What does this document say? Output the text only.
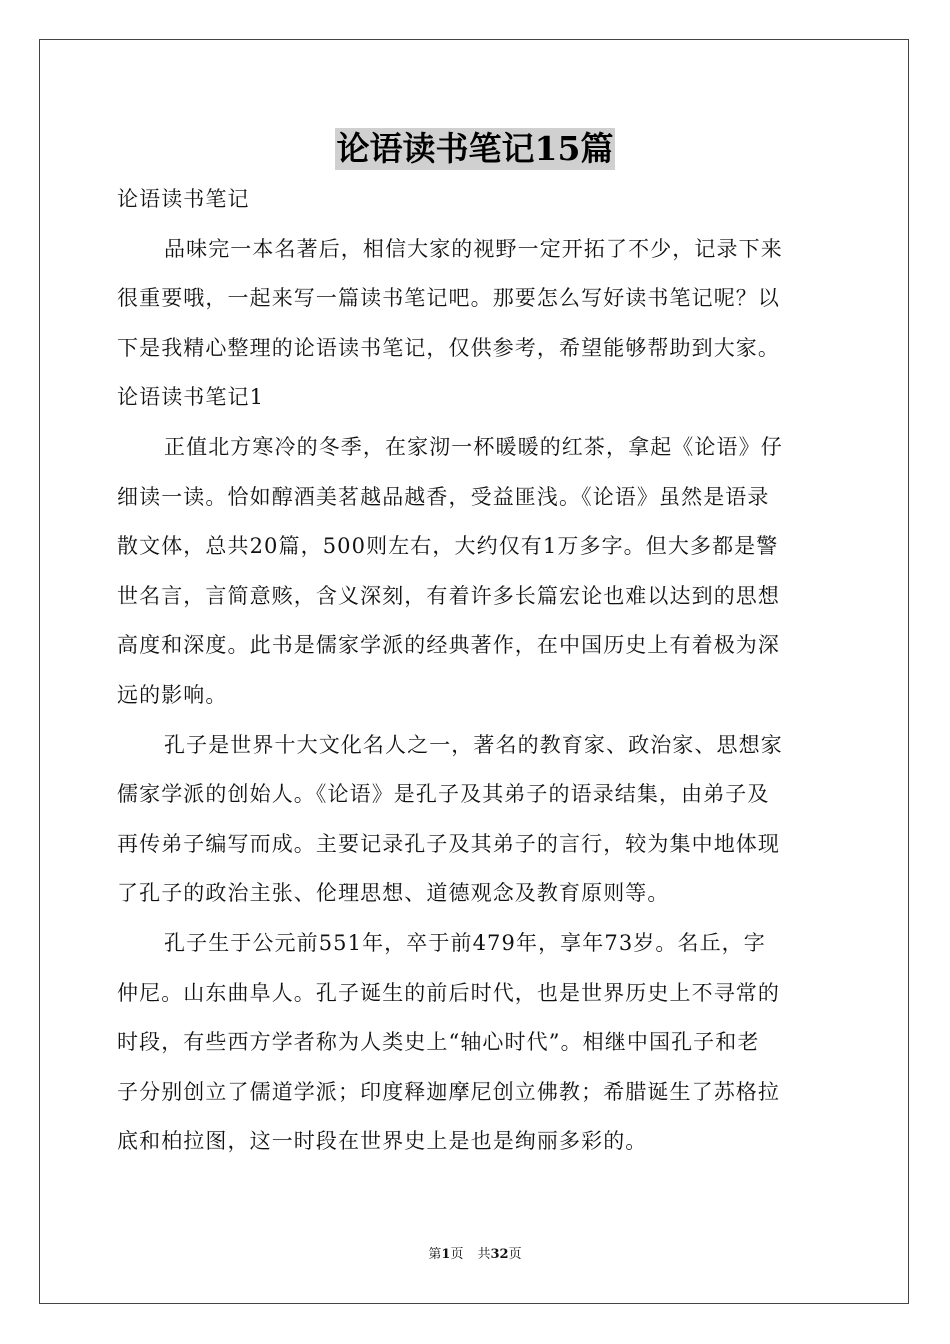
论语读书笔记15篇
论语读书笔记
品味完一本名著后，相信大家的视野一定开拓了不少，记录下来
很重要哦，一起来写一篇读书笔记吧。那要怎么写好读书笔记呢？以
下是我精心整理的论语读书笔记，仅供参考，希望能够帮助到大家。
论语读书笔记1
正值北方寒冷的冬季，在家沏一杯暖暖的红茶，拿起《论语》仔
细读一读。恰如醇酒美茗越品越香，受益匪浅。《论语》虽然是语录
散文体，总共20篇，500则左右，大约仅有1万多字。但大多都是警
世名言，言简意赅，含义深刻，有着许多长篇宏论也难以达到的思想
高度和深度。此书是儒家学派的经典著作，在中国历史上有着极为深
远的影响。
孔子是世界十大文化名人之一，著名的教育家、政治家、思想家
儒家学派的创始人。《论语》是孔子及其弟子的语录结集，由弟子及
再传弟子编写而成。主要记录孔子及其弟子的言行，较为集中地体现
了孔子的政治主张、伦理思想、道德观念及教育原则等。
孔子生于公元前551年，卒于前479年，享年73岁。名丘，字
仲尼。山东曲阜人。孔子诞生的前后时代，也是世界历史上不寻常的
时段，有些西方学者称为人类史上“轴心时代”。相继中国孔子和老
子分别创立了儒道学派；印度释迦摩尼创立佛教；希腊诞生了苏格拉
底和柏拉图，这一时段在世界史上是也是绚丽多彩的。
第1页 共32页
